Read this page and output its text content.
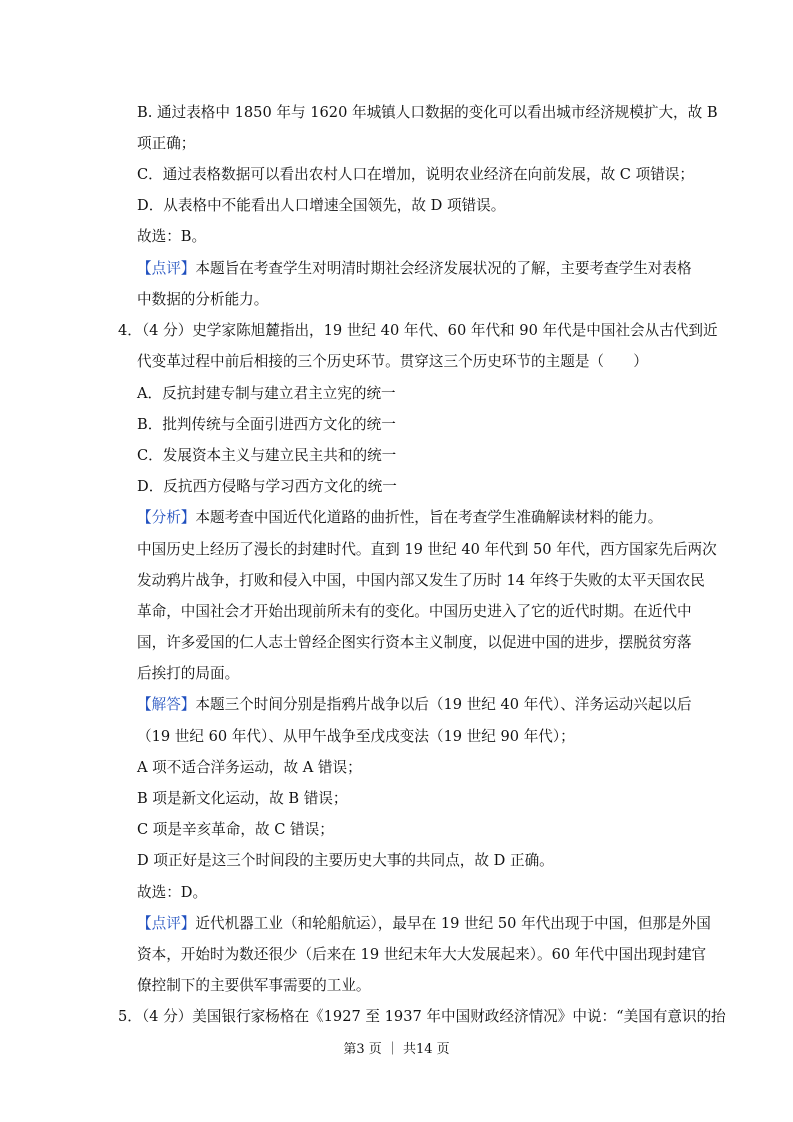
B. 通过表格中 1850 年与 1620 年城镇人口数据的变化可以看出城市经济规模扩大，故 B
项正确；
C．通过表格数据可以看出农村人口在增加，说明农业经济在向前发展，故 C 项错误；
D．从表格中不能看出人口增速全国领先，故 D 项错误。
故选：B。
【点评】本题旨在考查学生对明清时期社会经济发展状况的了解，主要考查学生对表格
中数据的分析能力。
4．（4 分）史学家陈旭麓指出，19 世纪 40 年代、60 年代和 90 年代是中国社会从古代到近
代变革过程中前后相接的三个历史环节。贯穿这三个历史环节的主题是（　　）
A．反抗封建专制与建立君主立宪的统一
B．批判传统与全面引进西方文化的统一
C．发展资本主义与建立民主共和的统一
D．反抗西方侵略与学习西方文化的统一
【分析】本题考查中国近代化道路的曲折性，旨在考查学生准确解读材料的能力。
中国历史上经历了漫长的封建时代。直到 19 世纪 40 年代到 50 年代，西方国家先后两次
发动鸦片战争，打败和侵入中国，中国内部又发生了历时 14 年终于失败的太平天国农民
革命，中国社会才开始出现前所未有的变化。中国历史进入了它的近代时期。在近代中
国，许多爱国的仁人志士曾经企图实行资本主义制度，以促进中国的进步，摆脱贫穷落
后挨打的局面。
【解答】本题三个时间分别是指鸦片战争以后（19 世纪 40 年代）、洋务运动兴起以后
（19 世纪 60 年代）、从甲午战争至戊戌变法（19 世纪 90 年代）；
A 项不适合洋务运动，故 A 错误；
B 项是新文化运动，故 B 错误；
C 项是辛亥革命，故 C 错误；
D 项正好是这三个时间段的主要历史大事的共同点，故 D 正确。
故选：D。
【点评】近代机器工业（和轮船航运），最早在 19 世纪 50 年代出现于中国，但那是外国
资本，开始时为数还很少（后来在 19 世纪末年大大发展起来）。60 年代中国出现封建官
僚控制下的主要供军事需要的工业。
5．（4 分）美国银行家杨格在《1927 至 1937 年中国财政经济情况》中说：“美国有意识的抬
第3 页 ｜ 共14 页
